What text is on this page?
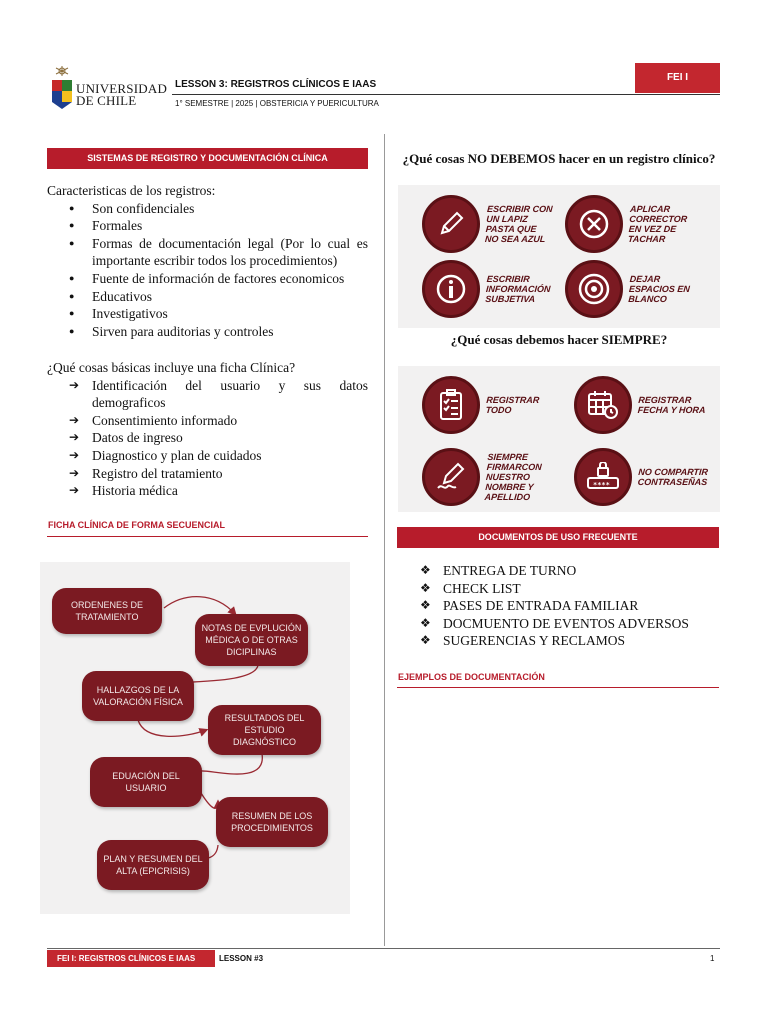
UNIVERSIDAD DE CHILE
LESSON 3: REGISTROS CLÍNICOS E IAAS
1° SEMESTRE | 2025 | OBSTERICIA Y PUERICULTURA
FEI I
SISTEMAS DE REGISTRO Y DOCUMENTACIÓN CLÍNICA
Caracteristicas de los registros:
● Son confidenciales
● Formales
● Formas de documentación legal (Por lo cual es importante escribir todos los procedimientos)
● Fuente de información de factores economicos
● Educativos
● Investigativos
● Sirven para auditorias y controles
¿Qué cosas básicas incluye una ficha Clínica?
➔ Identificación del usuario y sus datos demograficos
➔ Consentimiento informado
➔ Datos de ingreso
➔ Diagnostico y plan de cuidados
➔ Registro del tratamiento
➔ Historia médica
FICHA CLÍNICA DE FORMA SECUENCIAL
ORDENENES DE TRATAMIENTO
NOTAS DE EVPLUCIÓN MÉDICA O DE OTRAS DICIPLINAS
HALLAZGOS DE LA VALORACIÓN FÍSICA
RESULTADOS DEL ESTUDIO DIAGNÓSTICO
EDUACIÓN DEL USUARIO
RESUMEN DE LOS PROCEDIMIENTOS
PLAN Y RESUMEN DEL ALTA (EPICRISIS)
¿Qué cosas NO DEBEMOS hacer en un registro clínico?
ESCRIBIR CON UN LAPIZ PASTA QUE NO SEA AZUL
APLICAR CORRECTOR EN VEZ DE TACHAR
ESCRIBIR INFORMACIÓN SUBJETIVA
DEJAR ESPACIOS EN BLANCO
¿Qué cosas debemos hacer SIEMPRE?
REGISTRAR TODO
REGISTRAR FECHA Y HORA
SIEMPRE FIRMARCON NUESTRO NOMBRE Y APELLIDO
****
NO COMPARTIR CONTRASEÑAS
DOCUMENTOS DE USO FRECUENTE
❖ ENTREGA DE TURNO
❖ CHECK LIST
❖ PASES DE ENTRADA FAMILIAR
❖ DOCMUENTO DE EVENTOS ADVERSOS
❖ SUGERENCIAS Y RECLAMOS
EJEMPLOS DE DOCUMENTACIÓN
FEI I: REGISTROS CLÍNICOS E IAAS	LESSON #3	1
